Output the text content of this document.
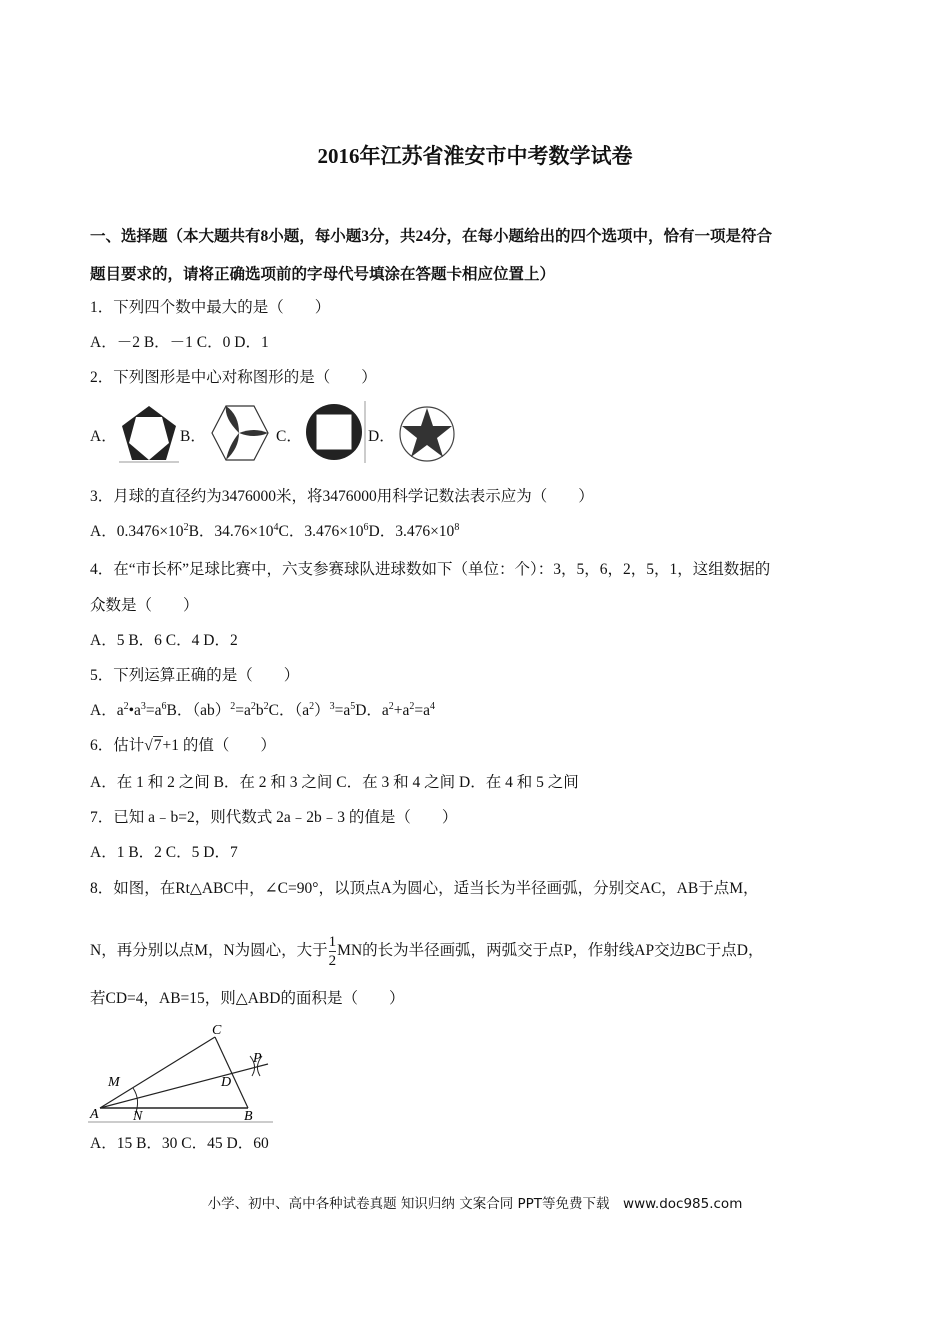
2016年江苏省淮安市中考数学试卷
一、选择题（本大题共有8小题，每小题3分，共24分，在每小题给出的四个选项中，恰有一项是符合
题目要求的，请将正确选项前的字母代号填涂在答题卡相应位置上）
1．下列四个数中最大的是（　　）
A．－2 B．－1 C．0 D．1
2．下列图形是中心对称图形的是（　　）
A．	B．	C．	D．
3．月球的直径约为3476000米，将3476000用科学记数法表示应为（　　）
A．$0.3476\times 10^2B$．$34.76\times 10^4C$．$3.476\times 10^6D$．$3.476\times 10^8$
4．在“市长杯”足球比赛中，六支参赛球队进球数如下（单位：个）：3，5，6，2，5，1，这组数据的
众数是（　　）
A．5 B．6 C．4 D．2
5．下列运算正确的是（　　）
A．$a^2•a^3=a^6B$．$(ab)^2=a^2b^2C$．$(a^2)^3=a^5D$．$a^2+a^2=a^4$
6．估计√7+1 的值（　　）
A．在 1 和 2 之间 B．在 2 和 3 之间 C．在 3 和 4 之间 D．在 4 和 5 之间
7．已知 a﹣b=2，则代数式 2a﹣2b﹣3 的值是（　　）
A．1 B．2 C．5 D．7
8．如图，在Rt△ABC中，∠C=90°，以顶点A为圆心，适当长为半径画弧，分别交AC，AB于点M，
N，再分别以点M，N为圆心，大于 $\frac{1}{2}$ MN的长为半径画弧，两弧交于点P，作射线AP交边BC于点D，
若CD=4，AB=15，则△ABD的面积是（　　）
C
P
D
M
A N	B
A．15 B．30 C．45 D．60
小学、初中、高中各种试卷真题 知识归纳 文案合同 PPT等免费下载　www.doc985.com
